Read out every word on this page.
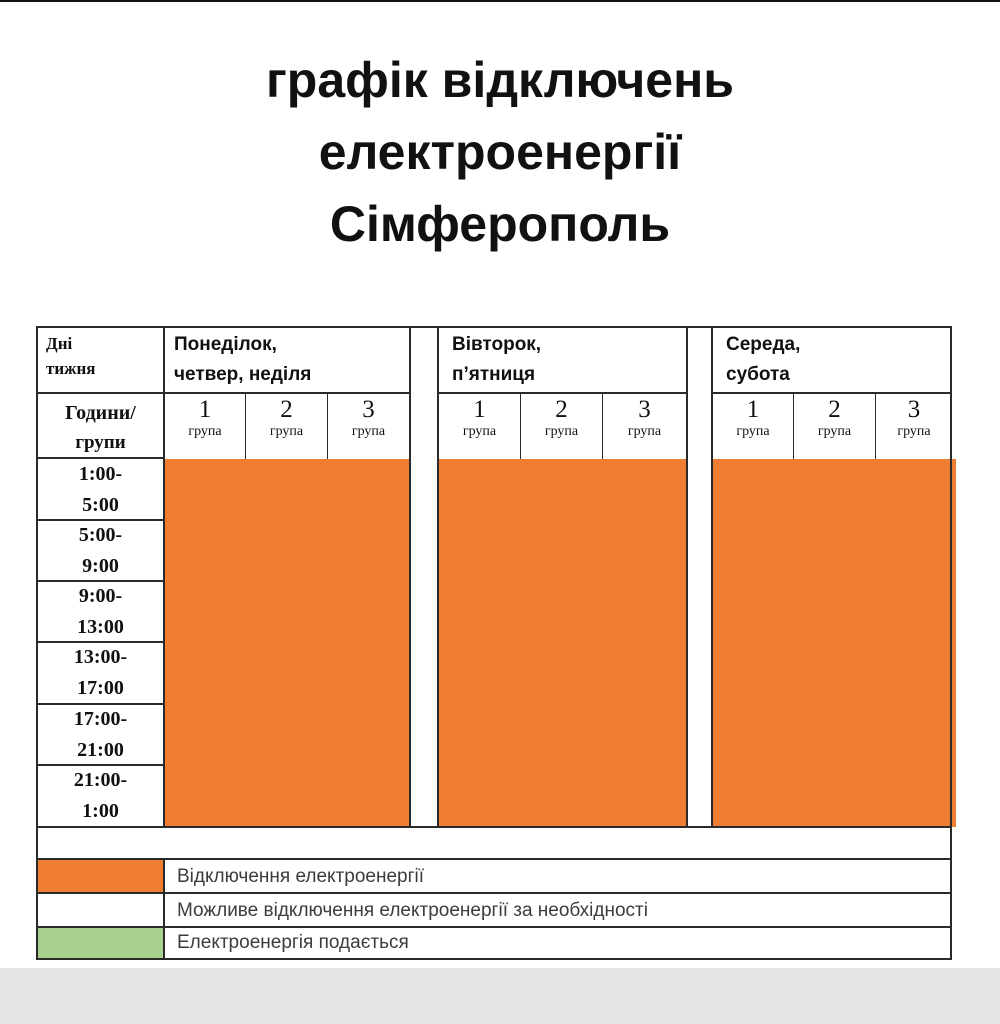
графік відключень
електроенергії
Сімферополь
Дні
тижня
Години/
групи
Понеділок,
четвер, неділя
Вівторок,
п’ятниця
Середа,
субота
1
група
2
група
3
група
1
група
2
група
3
група
1
група
2
група
3
група
1:00-
5:00
5:00-
9:00
9:00-
13:00
13:00-
17:00
17:00-
21:00
21:00-
1:00
Відключення електроенергії
Можливе відключення електроенергії за необхідності
Електроенергія подається
